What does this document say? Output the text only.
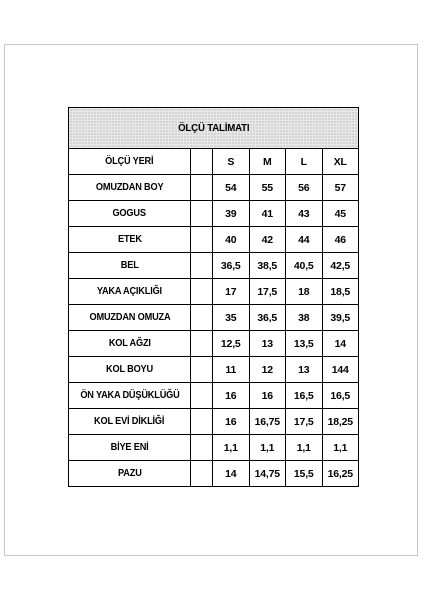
ÖLÇÜ TALİMATI					
ÖLÇÜ YERİ		S	M	L	XL
OMUZDAN BOY		54	55	56	57
GOGUS		39	41	43	45
ETEK		40	42	44	46
BEL		36,5	38,5	40,5	42,5
YAKA AÇIKLIĞI		17	17,5	18	18,5
OMUZDAN OMUZA		35	36,5	38	39,5
KOL AĞZI		12,5	13	13,5	14
KOL BOYU		11	12	13	144
ÖN YAKA DÜŞÜKLÜĞÜ		16	16	16,5	16,5
KOL EVİ DİKLİĞİ		16	16,75	17,5	18,25
BİYE ENİ		1,1	1,1	1,1	1,1
PAZU		14	14,75	15,5	16,25
